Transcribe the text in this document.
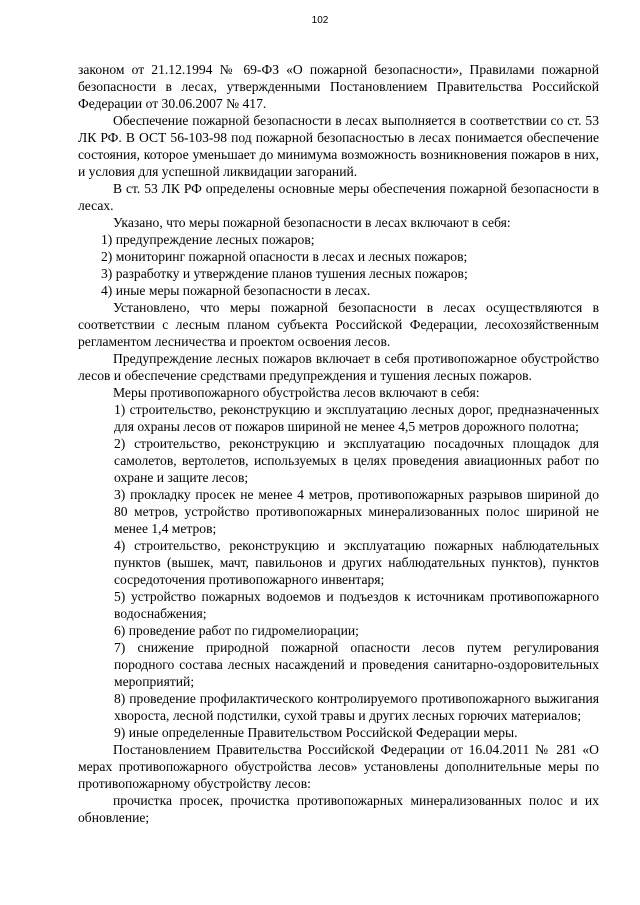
102

законом от 21.12.1994 № 69-ФЗ «О пожарной безопасности», Правилами пожарной безопасности в лесах, утвержденными Постановлением Правительства Российской Федерации от 30.06.2007 № 417.

Обеспечение пожарной безопасности в лесах выполняется в соответствии со ст. 53 ЛК РФ. В ОСТ 56-103-98 под пожарной безопасностью в лесах понимается обеспечение состояния, которое уменьшает до минимума возможность возникновения пожаров в них, и условия для успешной ликвидации загораний.

В ст. 53 ЛК РФ определены основные меры обеспечения пожарной безопасности в лесах.

Указано, что меры пожарной безопасности в лесах включают в себя:

1) предупреждение лесных пожаров;

2) мониторинг пожарной опасности в лесах и лесных пожаров;

3) разработку и утверждение планов тушения лесных пожаров;

4) иные меры пожарной безопасности в лесах.

Установлено, что меры пожарной безопасности в лесах осуществляются в соответствии с лесным планом субъекта Российской Федерации, лесохозяйственным регламентом лесничества и проектом освоения лесов.

Предупреждение лесных пожаров включает в себя противопожарное обустройство лесов и обеспечение средствами предупреждения и тушения лесных пожаров.

Меры противопожарного обустройства лесов включают в себя:

1) строительство, реконструкцию и эксплуатацию лесных дорог, предназначенных для охраны лесов от пожаров шириной не менее 4,5 метров дорожного полотна;

2) строительство, реконструкцию и эксплуатацию посадочных площадок для самолетов, вертолетов, используемых в целях проведения авиационных работ по охране и защите лесов;

3) прокладку просек не менее 4 метров, противопожарных разрывов шириной до 80 метров, устройство противопожарных минерализованных полос шириной не менее 1,4 метров;

4) строительство, реконструкцию и эксплуатацию пожарных наблюдательных пунктов (вышек, мачт, павильонов и других наблюдательных пунктов), пунктов сосредоточения противопожарного инвентаря;

5) устройство пожарных водоемов и подъездов к источникам противопожарного водоснабжения;

6) проведение работ по гидромелиорации;

7) снижение природной пожарной опасности лесов путем регулирования породного состава лесных насаждений и проведения санитарно-оздоровительных мероприятий;

8) проведение профилактического контролируемого противопожарного выжигания хвороста, лесной подстилки, сухой травы и других лесных горючих материалов;

9) иные определенные Правительством Российской Федерации меры.

Постановлением Правительства Российской Федерации от 16.04.2011 № 281 «О мерах противопожарного обустройства лесов» установлены дополнительные меры по противопожарному обустройству лесов:

прочистка просек, прочистка противопожарных минерализованных полос и их обновление;
